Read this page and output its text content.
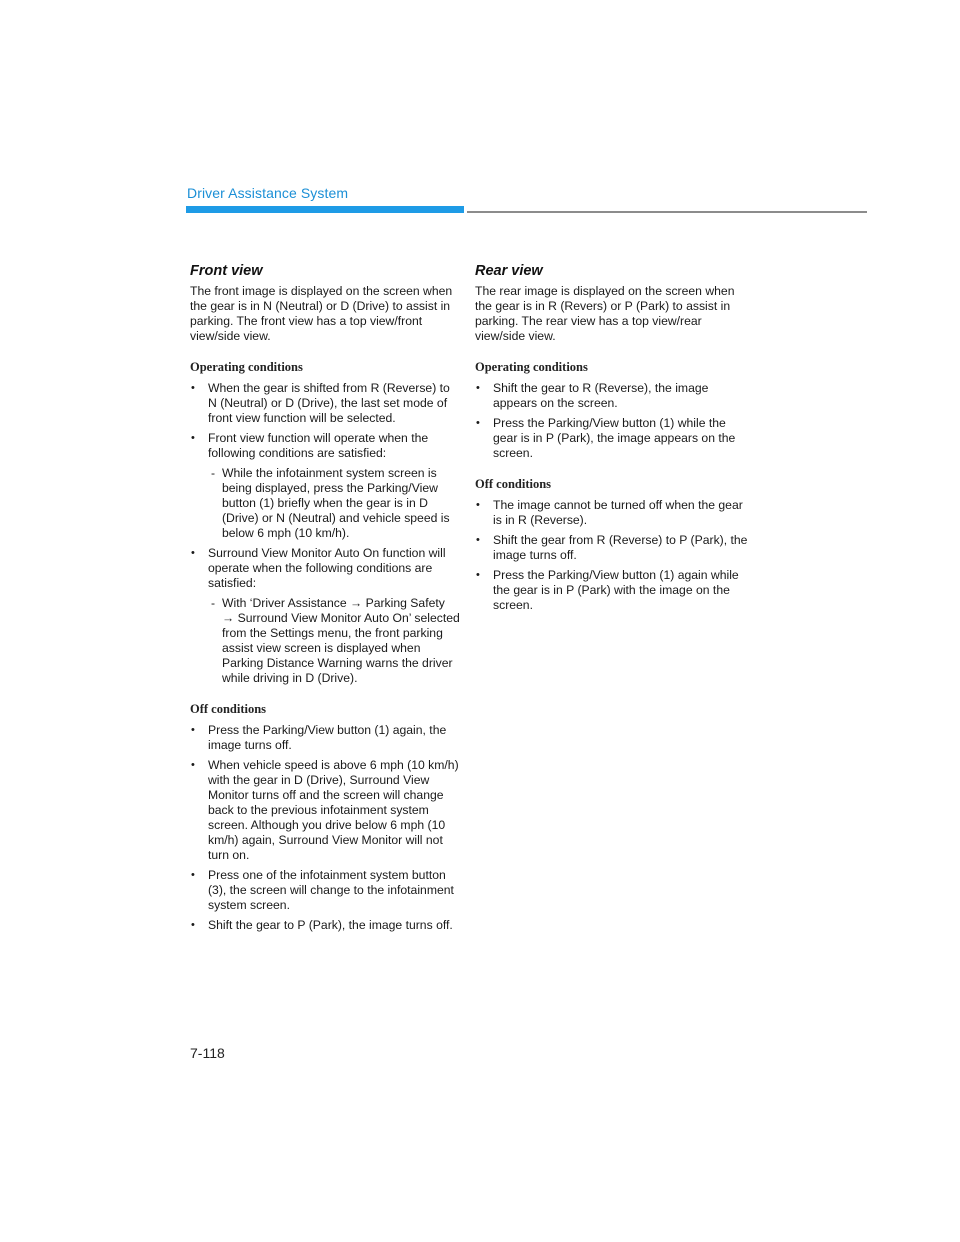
Driver Assistance System
Front view

The front image is displayed on the screen when the gear is in N (Neutral) or D (Drive) to assist in parking. The front view has a top view/front view/side view.

Operating conditions
• When the gear is shifted from R (Reverse) to N (Neutral) or D (Drive), the last set mode of front view function will be selected.
• Front view function will operate when the following conditions are satisfied:
- While the infotainment system screen is being displayed, press the Parking/View button (1) briefly when the gear is in D (Drive) or N (Neutral) and vehicle speed is below 6 mph (10 km/h).
• Surround View Monitor Auto On function will operate when the following conditions are satisfied:
- With ‘Driver Assistance → Parking Safety → Surround View Monitor Auto On’ selected from the Settings menu, the front parking assist view screen is displayed when Parking Distance Warning warns the driver while driving in D (Drive).
Off conditions
• Press the Parking/View button (1) again, the image turns off.
• When vehicle speed is above 6 mph (10 km/h) with the gear in D (Drive), Surround View Monitor turns off and the screen will change back to the previous infotainment system screen. Although you drive below 6 mph (10 km/h) again, Surround View Monitor will not turn on.
• Press one of the infotainment system button (3), the screen will change to the infotainment system screen.
• Shift the gear to P (Park), the image turns off.
Rear view

The rear image is displayed on the screen when the gear is in R (Revers) or P (Park) to assist in parking. The rear view has a top view/rear view/side view.

Operating conditions
• Shift the gear to R (Reverse), the image appears on the screen.
• Press the Parking/View button (1) while the gear is in P (Park), the image appears on the screen.
Off conditions
• The image cannot be turned off when the gear is in R (Reverse).
• Shift the gear from R (Reverse) to P (Park), the image turns off.
• Press the Parking/View button (1) again while the gear is in P (Park) with the image on the screen.
7-118
